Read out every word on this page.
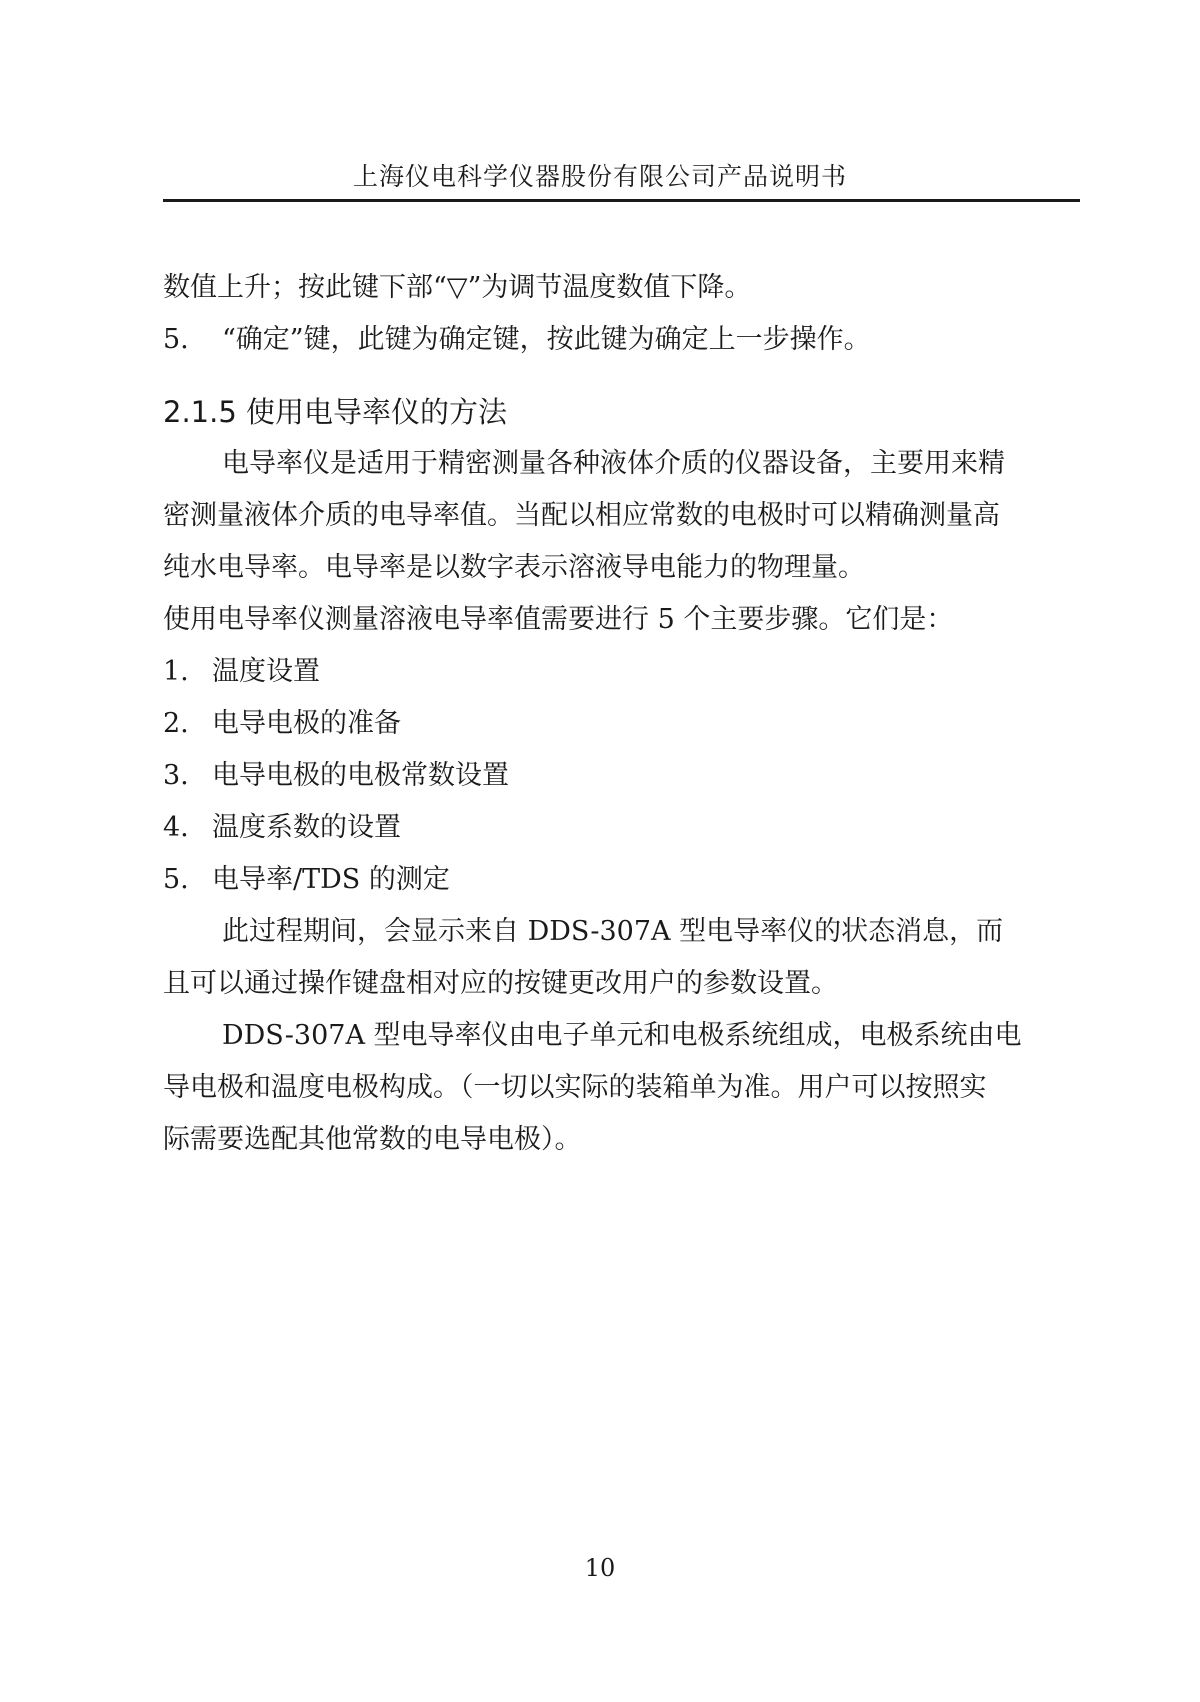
上海仪电科学仪器股份有限公司产品说明书
数值上升；按此键下部“▽”为调节温度数值下降。
5. “确定”键，此键为确定键，按此键为确定上一步操作。
2.1.5 使用电导率仪的方法
电导率仪是适用于精密测量各种液体介质的仪器设备，主要用来精
密测量液体介质的电导率值。当配以相应常数的电极时可以精确测量高
纯水电导率。电导率是以数字表示溶液导电能力的物理量。
使用电导率仪测量溶液电导率值需要进行 5 个主要步骤。它们是：
1. 温度设置
2. 电导电极的准备
3. 电导电极的电极常数设置
4. 温度系数的设置
5. 电导率/TDS 的测定
此过程期间，会显示来自 DDS-307A 型电导率仪的状态消息，而
且可以通过操作键盘相对应的按键更改用户的参数设置。
DDS-307A 型电导率仪由电子单元和电极系统组成，电极系统由电
导电极和温度电极构成。（一切以实际的装箱单为准。用户可以按照实
际需要选配其他常数的电导电极）。
10
